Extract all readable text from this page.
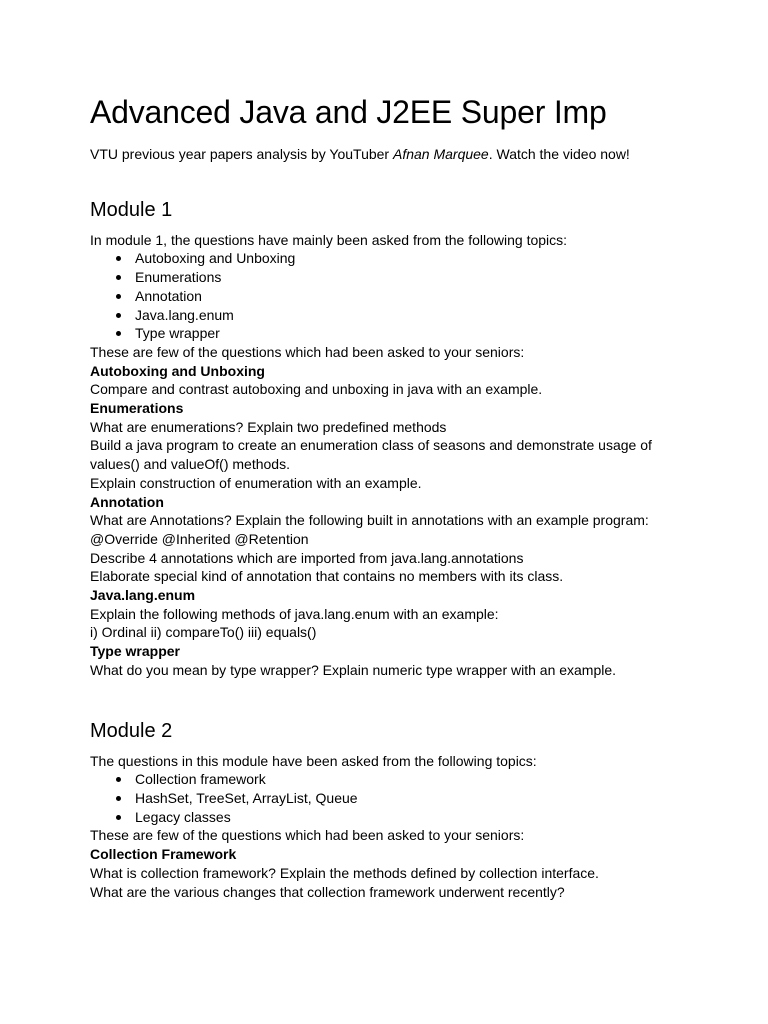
Advanced Java and J2EE Super Imp

VTU previous year papers analysis by YouTuber Afnan Marquee. Watch the video now!

Module 1

In module 1, the questions have mainly been asked from the following topics:

Autoboxing and Unboxing
Enumerations
Annotation
Java.lang.enum
Type wrapper

These are few of the questions which had been asked to your seniors:

Autoboxing and Unboxing

Compare and contrast autoboxing and unboxing in java with an example.

Enumerations

What are enumerations? Explain two predefined methods

Build a java program to create an enumeration class of seasons and demonstrate usage of

values() and valueOf() methods.

Explain construction of enumeration with an example.

Annotation

What are Annotations? Explain the following built in annotations with an example program:

@Override @Inherited @Retention

Describe 4 annotations which are imported from java.lang.annotations

Elaborate special kind of annotation that contains no members with its class.

Java.lang.enum

Explain the following methods of java.lang.enum with an example:

i) Ordinal ii) compareTo() iii) equals()

Type wrapper

What do you mean by type wrapper? Explain numeric type wrapper with an example.

Module 2

The questions in this module have been asked from the following topics:

Collection framework
HashSet, TreeSet, ArrayList, Queue
Legacy classes

These are few of the questions which had been asked to your seniors:

Collection Framework

What is collection framework? Explain the methods defined by collection interface.

What are the various changes that collection framework underwent recently?
